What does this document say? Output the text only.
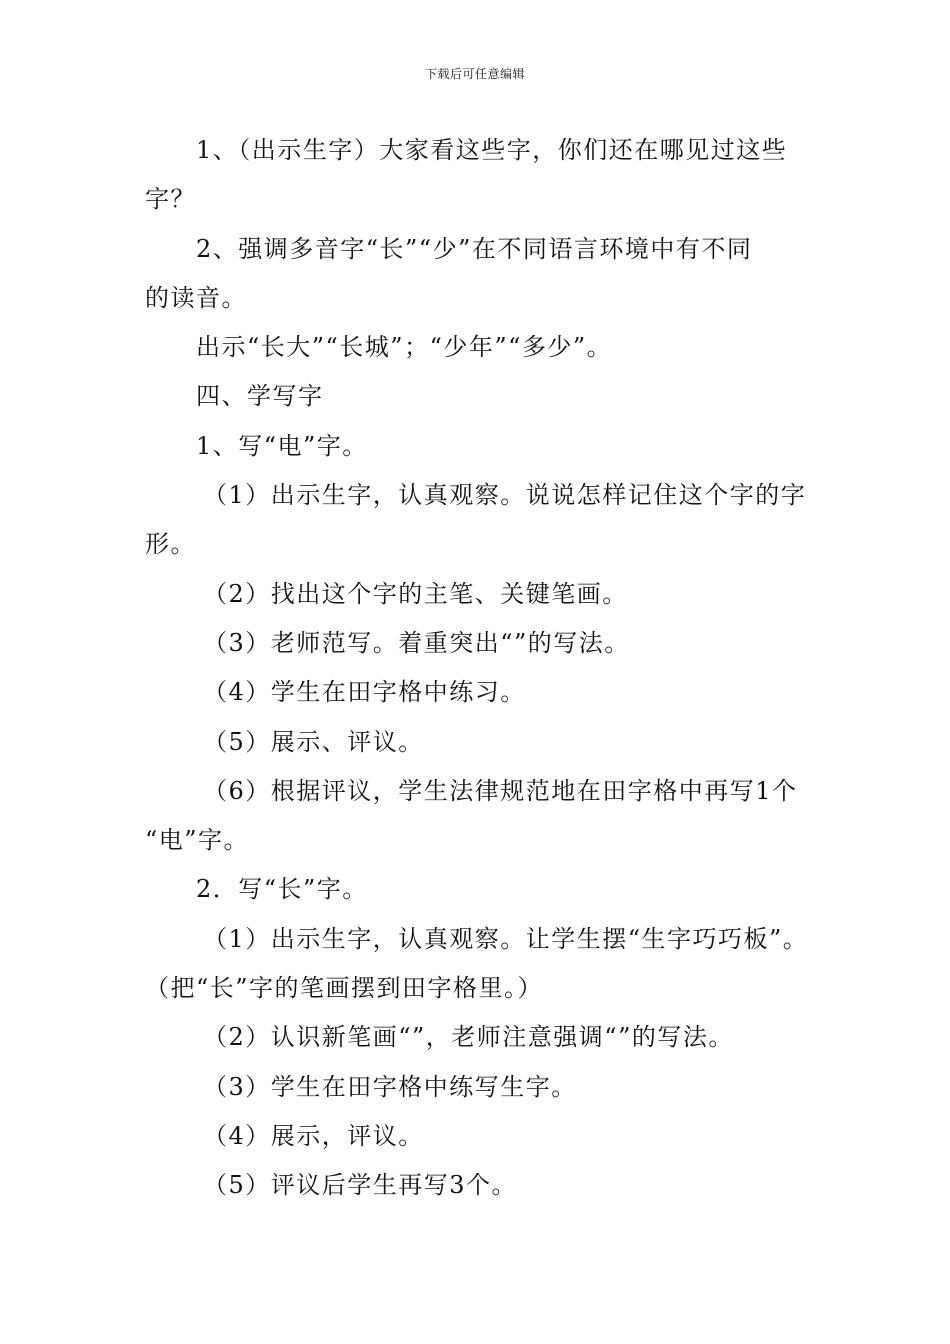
下载后可任意编辑

1、（出示生字）大家看这些字，你们还在哪见过这些

字？

2、强调多音字“长”“少”在不同语言环境中有不同

的读音。

出示“长大”“长城”；“少年”“多少”。

四、学写字

1、写“电”字。

（1）出示生字，认真观察。说说怎样记住这个字的字

形。

（2）找出这个字的主笔、关键笔画。

（3）老师范写。着重突出“”的写法。

（4）学生在田字格中练习。

（5）展示、评议。

（6）根据评议，学生法律规范地在田字格中再写1个

“电”字。

2．写“长”字。

（1）出示生字，认真观察。让学生摆“生字巧巧板”。

（把“长”字的笔画摆到田字格里。）

（2）认识新笔画“”，老师注意强调“”的写法。

（3）学生在田字格中练写生字。

（4）展示，评议。

（5）评议后学生再写3个。
